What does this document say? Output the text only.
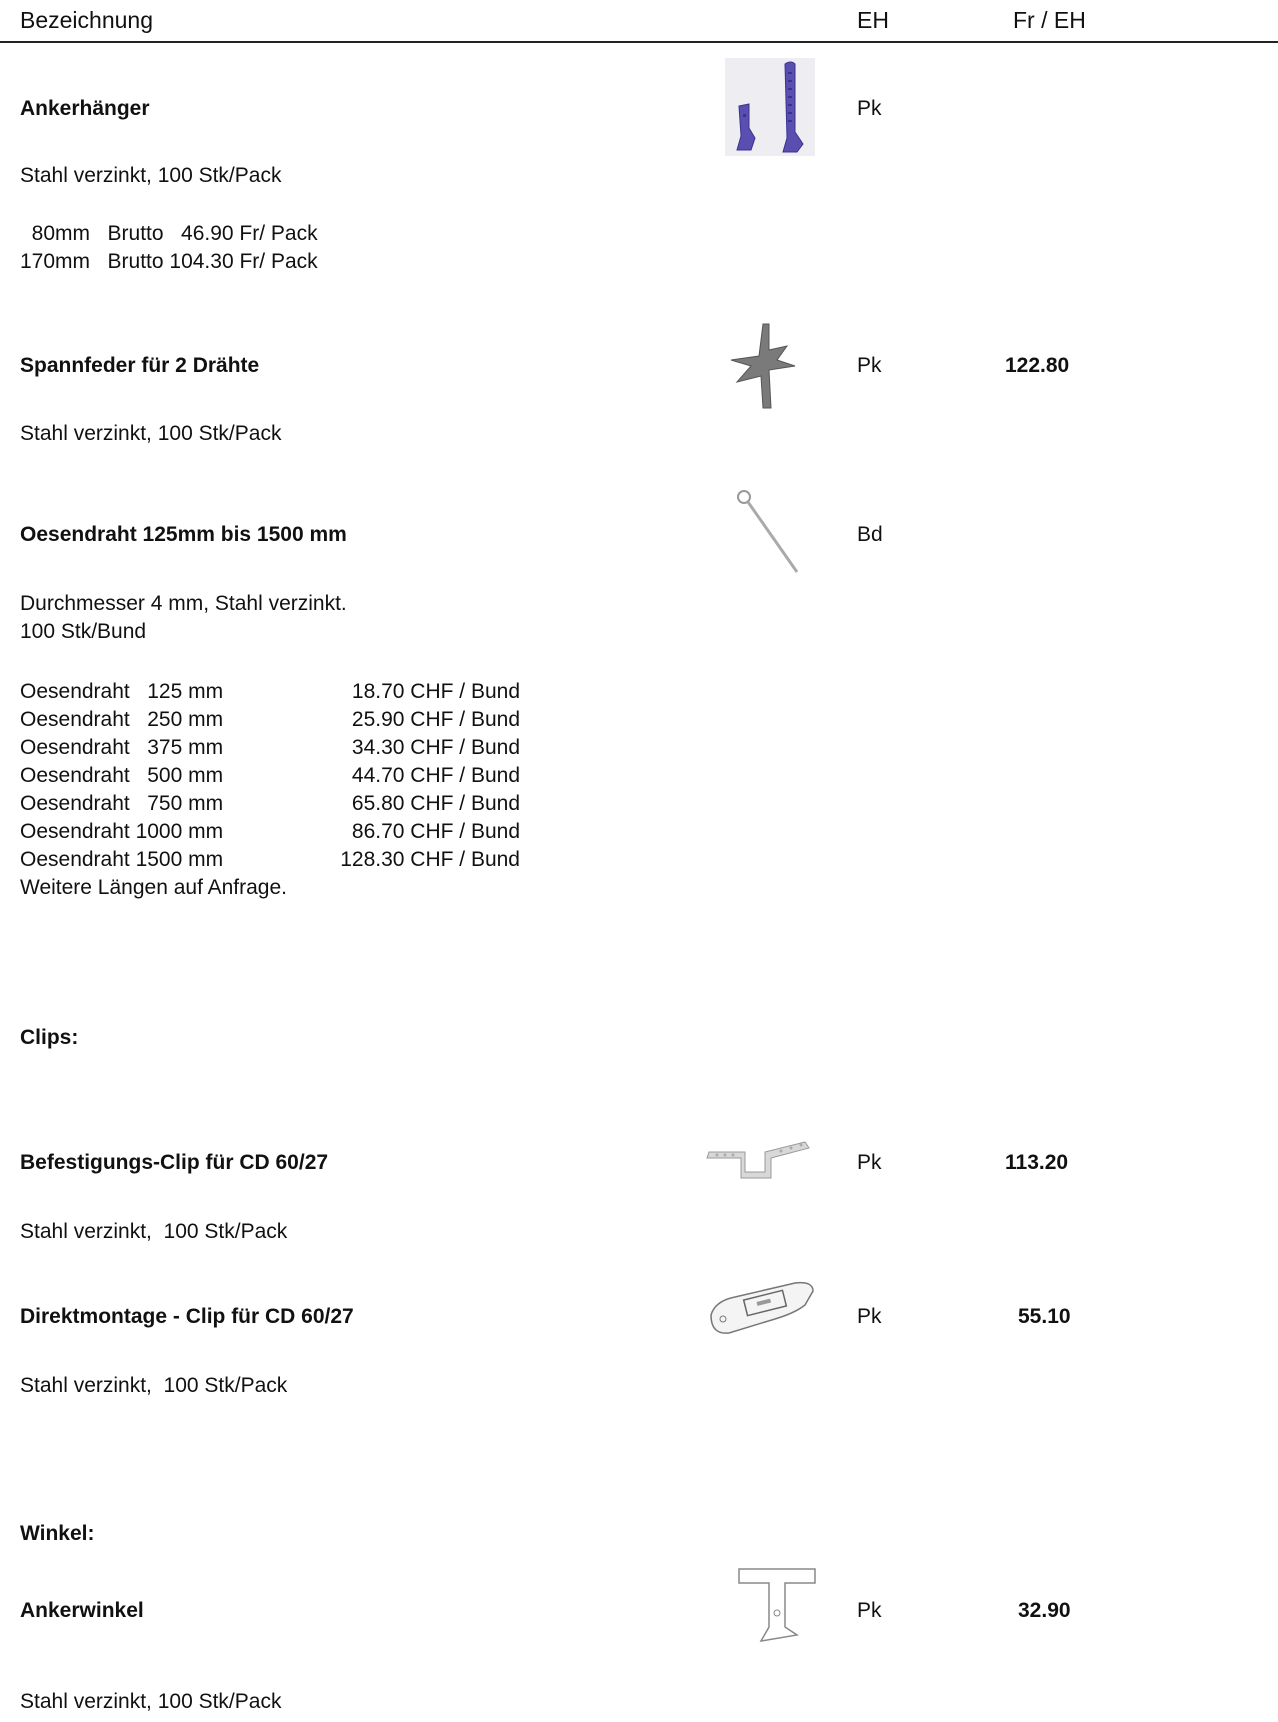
Bezeichnung	EH	Fr / EH
Ankerhänger	Pk
Stahl verzinkt, 100 Stk/Pack
80mm   Brutto   46.90 Fr/ Pack
170mm   Brutto 104.30 Fr/ Pack
Spannfeder für 2 Drähte	Pk	122.80
Stahl verzinkt, 100 Stk/Pack
Oesendraht 125mm bis 1500 mm	Bd
Durchmesser 4 mm, Stahl verzinkt.
100 Stk/Bund
Oesendraht   125 mm	18.70 CHF / Bund
Oesendraht   250 mm	25.90 CHF / Bund
Oesendraht   375 mm	34.30 CHF / Bund
Oesendraht   500 mm	44.70 CHF / Bund
Oesendraht   750 mm	65.80 CHF / Bund
Oesendraht 1000 mm	86.70 CHF / Bund
Oesendraht 1500 mm	128.30 CHF / Bund
Weitere Längen auf Anfrage.
Clips:
Befestigungs-Clip für CD 60/27	Pk	113.20
Stahl verzinkt,  100 Stk/Pack
Direktmontage - Clip für CD 60/27	Pk	55.10
Stahl verzinkt,  100 Stk/Pack
Winkel:
Ankerwinkel	Pk	32.90
Stahl verzinkt, 100 Stk/Pack
